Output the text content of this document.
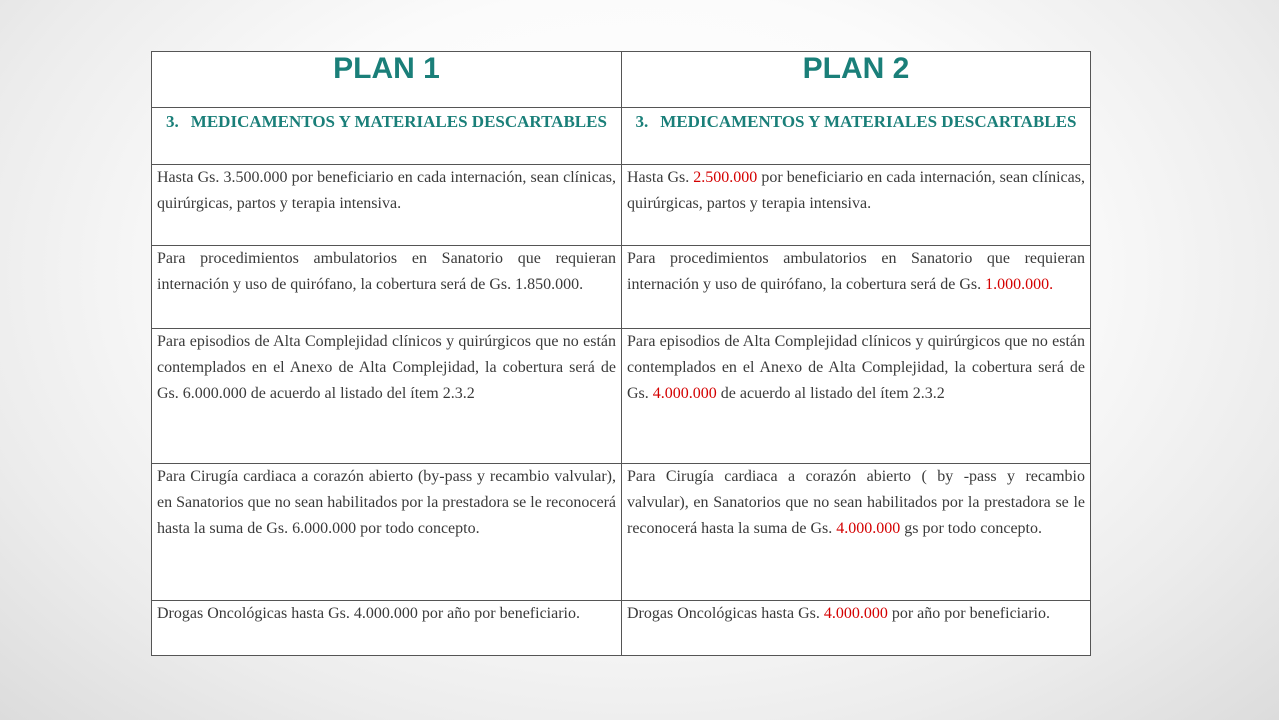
PLAN 1	PLAN 2
3. MEDICAMENTOS Y MATERIALES DESCARTABLES	3. MEDICAMENTOS Y MATERIALES DESCARTABLES
Hasta Gs. 3.500.000 por beneficiario en cada internación, sean clínicas, quirúrgicas, partos y terapia intensiva.	Hasta Gs. 2.500.000 por beneficiario en cada internación, sean clínicas, quirúrgicas, partos y terapia intensiva.
Para procedimientos ambulatorios en Sanatorio que requieran internación y uso de quirófano, la cobertura será de Gs. 1.850.000.	Para procedimientos ambulatorios en Sanatorio que requieran internación y uso de quirófano, la cobertura será de Gs. 1.000.000.
Para episodios de Alta Complejidad clínicos y quirúrgicos que no están contemplados en el Anexo de Alta Complejidad, la cobertura será de Gs. 6.000.000 de acuerdo al listado del ítem 2.3.2	Para episodios de Alta Complejidad clínicos y quirúrgicos que no están contemplados en el Anexo de Alta Complejidad, la cobertura será de Gs. 4.000.000 de acuerdo al listado del ítem 2.3.2
Para Cirugía cardiaca a corazón abierto (by-pass y recambio valvular), en Sanatorios que no sean habilitados por la prestadora se le reconocerá hasta la suma de Gs. 6.000.000 por todo concepto.	Para Cirugía cardiaca a corazón abierto ( by -pass y recambio valvular), en Sanatorios que no sean habilitados por la prestadora se le reconocerá hasta la suma de Gs. 4.000.000 gs por todo concepto.
Drogas Oncológicas hasta Gs. 4.000.000 por año por beneficiario.	Drogas Oncológicas hasta Gs. 4.000.000 por año por beneficiario.
